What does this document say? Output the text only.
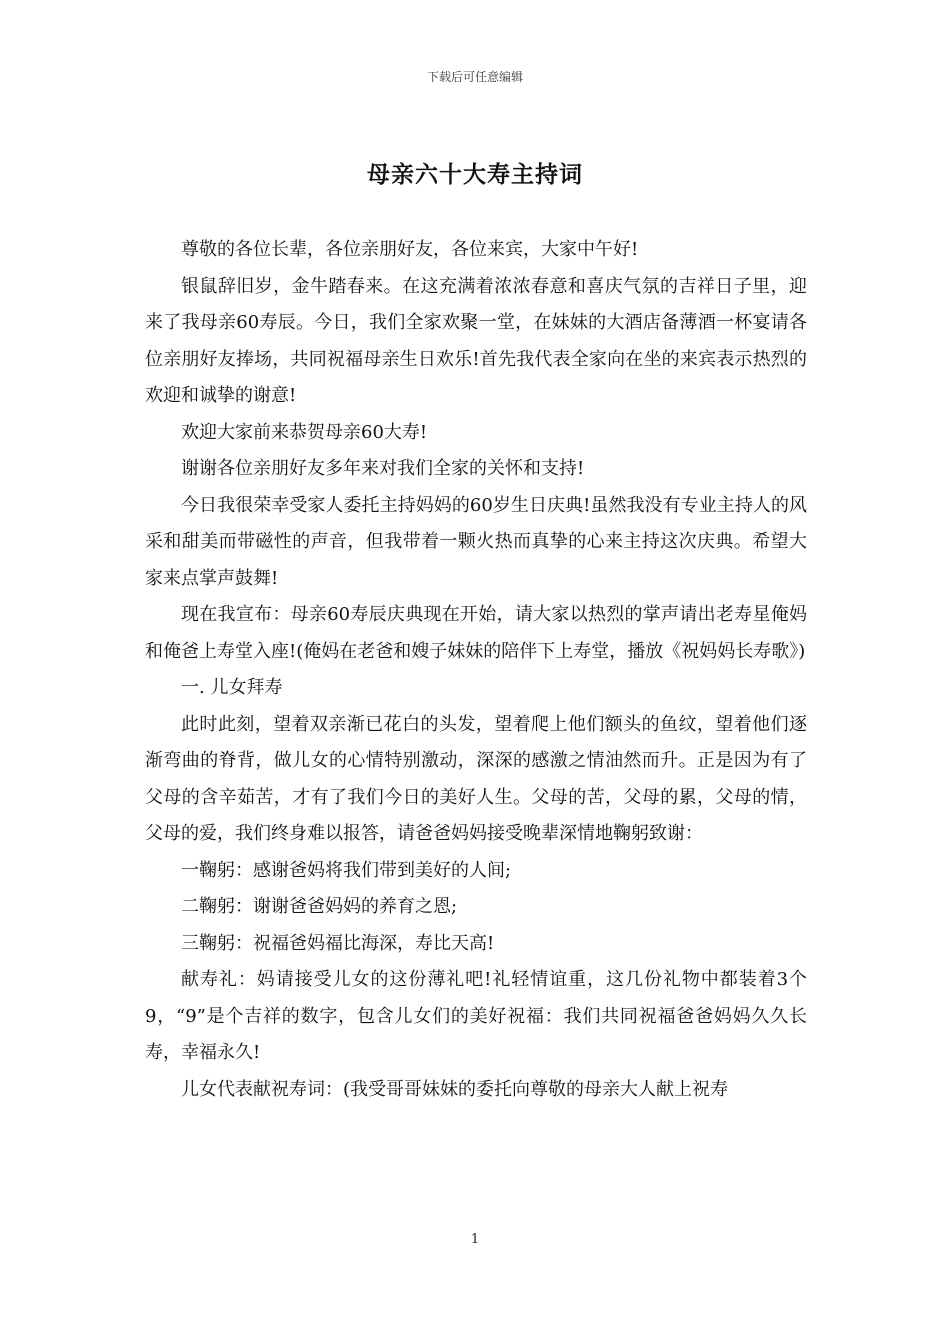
下载后可任意编辑
母亲六十大寿主持词

尊敬的各位长辈，各位亲朋好友，各位来宾，大家中午好!

银鼠辞旧岁，金牛踏春来。在这充满着浓浓春意和喜庆气氛的吉祥日子里，迎来了我母亲60寿辰。今日，我们全家欢聚一堂，在妹妹的大酒店备薄酒一杯宴请各位亲朋好友捧场，共同祝福母亲生日欢乐!首先我代表全家向在坐的来宾表示热烈的欢迎和诚挚的谢意!

欢迎大家前来恭贺母亲60大寿!

谢谢各位亲朋好友多年来对我们全家的关怀和支持!

今日我很荣幸受家人委托主持妈妈的60岁生日庆典!虽然我没有专业主持人的风采和甜美而带磁性的声音，但我带着一颗火热而真挚的心来主持这次庆典。希望大家来点掌声鼓舞!

现在我宣布：母亲60寿辰庆典现在开始，请大家以热烈的掌声请出老寿星俺妈和俺爸上寿堂入座!(俺妈在老爸和嫂子妹妹的陪伴下上寿堂，播放《祝妈妈长寿歌》)

一. 儿女拜寿

此时此刻，望着双亲渐已花白的头发，望着爬上他们额头的鱼纹，望着他们逐渐弯曲的脊背，做儿女的心情特别激动，深深的感激之情油然而升。正是因为有了父母的含辛茹苦，才有了我们今日的美好人生。父母的苦，父母的累，父母的情，父母的爱，我们终身难以报答，请爸爸妈妈接受晚辈深情地鞠躬致谢：

一鞠躬：感谢爸妈将我们带到美好的人间;

二鞠躬：谢谢爸爸妈妈的养育之恩;

三鞠躬：祝福爸妈福比海深，寿比天高!

献寿礼：妈请接受儿女的这份薄礼吧!礼轻情谊重，这几份礼物中都装着3个9，“9”是个吉祥的数字，包含儿女们的美好祝福：我们共同祝福爸爸妈妈久久长寿，幸福永久!

儿女代表献祝寿词：(我受哥哥妹妹的委托向尊敬的母亲大人献上祝寿

1
